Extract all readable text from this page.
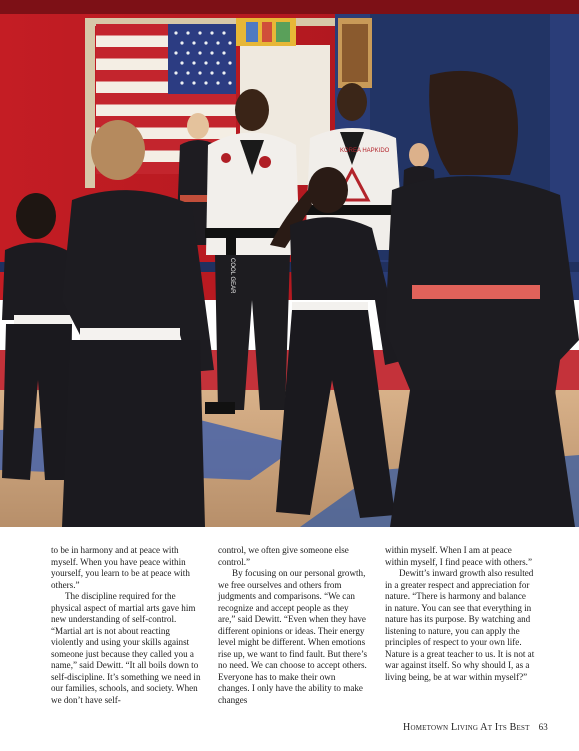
COOL GEAR
KOREA HAPKIDO

to be in harmony and at peace with myself. When you have peace within yourself, you learn to be at peace with others.”

The discipline required for the physical aspect of martial arts gave him new understanding of self-control. “Martial art is not about reacting violently and using your skills against someone just because they called you a name,” said Dewitt. “It all boils down to self-discipline. It’s something we need in our families, schools, and society. When we don’t have self-

control, we often give someone else control.”

By focusing on our personal growth, we free ourselves and others from judgments and comparisons. “We can recognize and accept people as they are,” said Dewitt. “Even when they have different opinions or ideas. Their energy level might be different. When emotions rise up, we want to find fault. But there’s no need. We can choose to accept others. Everyone has to make their own changes. I only have the ability to make changes

within myself. When I am at peace within myself, I find peace with others.”

Dewitt’s inward growth also resulted in a greater respect and appreciation for nature. “There is harmony and balance in nature. You can see that everything in nature has its purpose. By watching and listening to nature, you can apply the principles of respect to your own life. Nature is a great teacher to us. It is not at war against itself. So why should I, as a living being, be at war within myself?”

Hometown Living At Its Best 63
